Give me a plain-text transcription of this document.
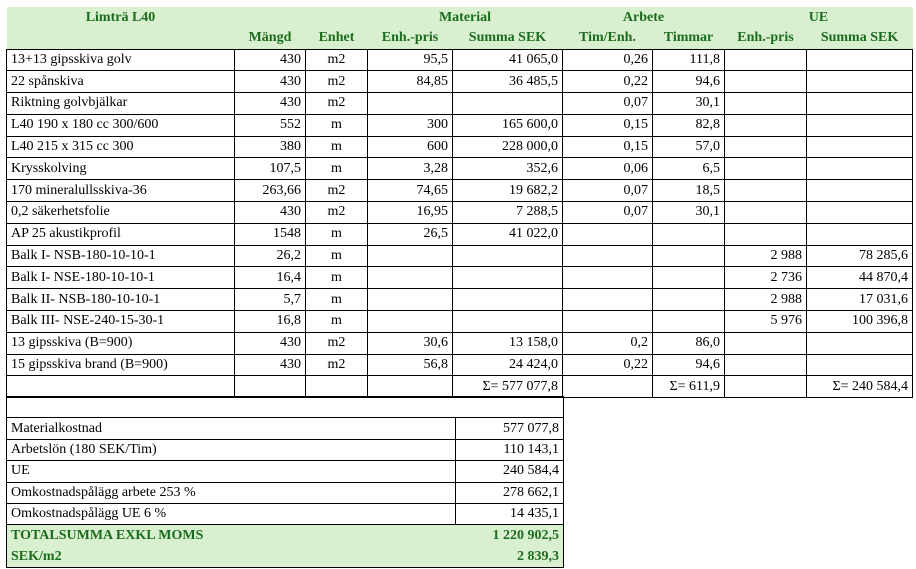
Limträ L40			Material		Arbete		UE	
	Mängd	Enhet	Enh.-pris	Summa SEK	Tim/Enh.	Timmar	Enh.-pris	Summa SEK
13+13 gipsskiva golv	430	m2	95,5	41 065,0	0,26	111,8		
22 spånskiva	430	m2	84,85	36 485,5	0,22	94,6		
Riktning golvbjälkar	430	m2			0,07	30,1		
L40 190 x 180 cc 300/600	552	m	300	165 600,0	0,15	82,8		
L40 215 x 315 cc 300	380	m	600	228 000,0	0,15	57,0		
Krysskolving	107,5	m	3,28	352,6	0,06	6,5		
170 mineralullsskiva-36	263,66	m2	74,65	19 682,2	0,07	18,5		
0,2 säkerhetsfolie	430	m2	16,95	7 288,5	0,07	30,1		
AP 25 akustikprofil	1548	m	26,5	41 022,0				
Balk I- NSB-180-10-10-1	26,2	m					2 988	78 285,6
Balk I- NSE-180-10-10-1	16,4	m					2 736	44 870,4
Balk II- NSB-180-10-10-1	5,7	m					2 988	17 031,6
Balk III- NSE-240-15-30-1	16,8	m					5 976	100 396,8
13 gipsskiva (B=900)	430	m2	30,6	13 158,0	0,2	86,0		
15 gipsskiva brand (B=900)	430	m2	56,8	24 424,0	0,22	94,6		
				Σ= 577 077,8		Σ= 611,9		Σ= 240 584,4

Materialkostnad	577 077,8
Arbetslön (180 SEK/Tim)	110 143,1
UE	240 584,4
Omkostnadspålägg arbete 253 %	278 662,1
Omkostnadspålägg UE 6 %	14 435,1
TOTALSUMMA EXKL MOMS	1 220 902,5
SEK/m2	2 839,3
